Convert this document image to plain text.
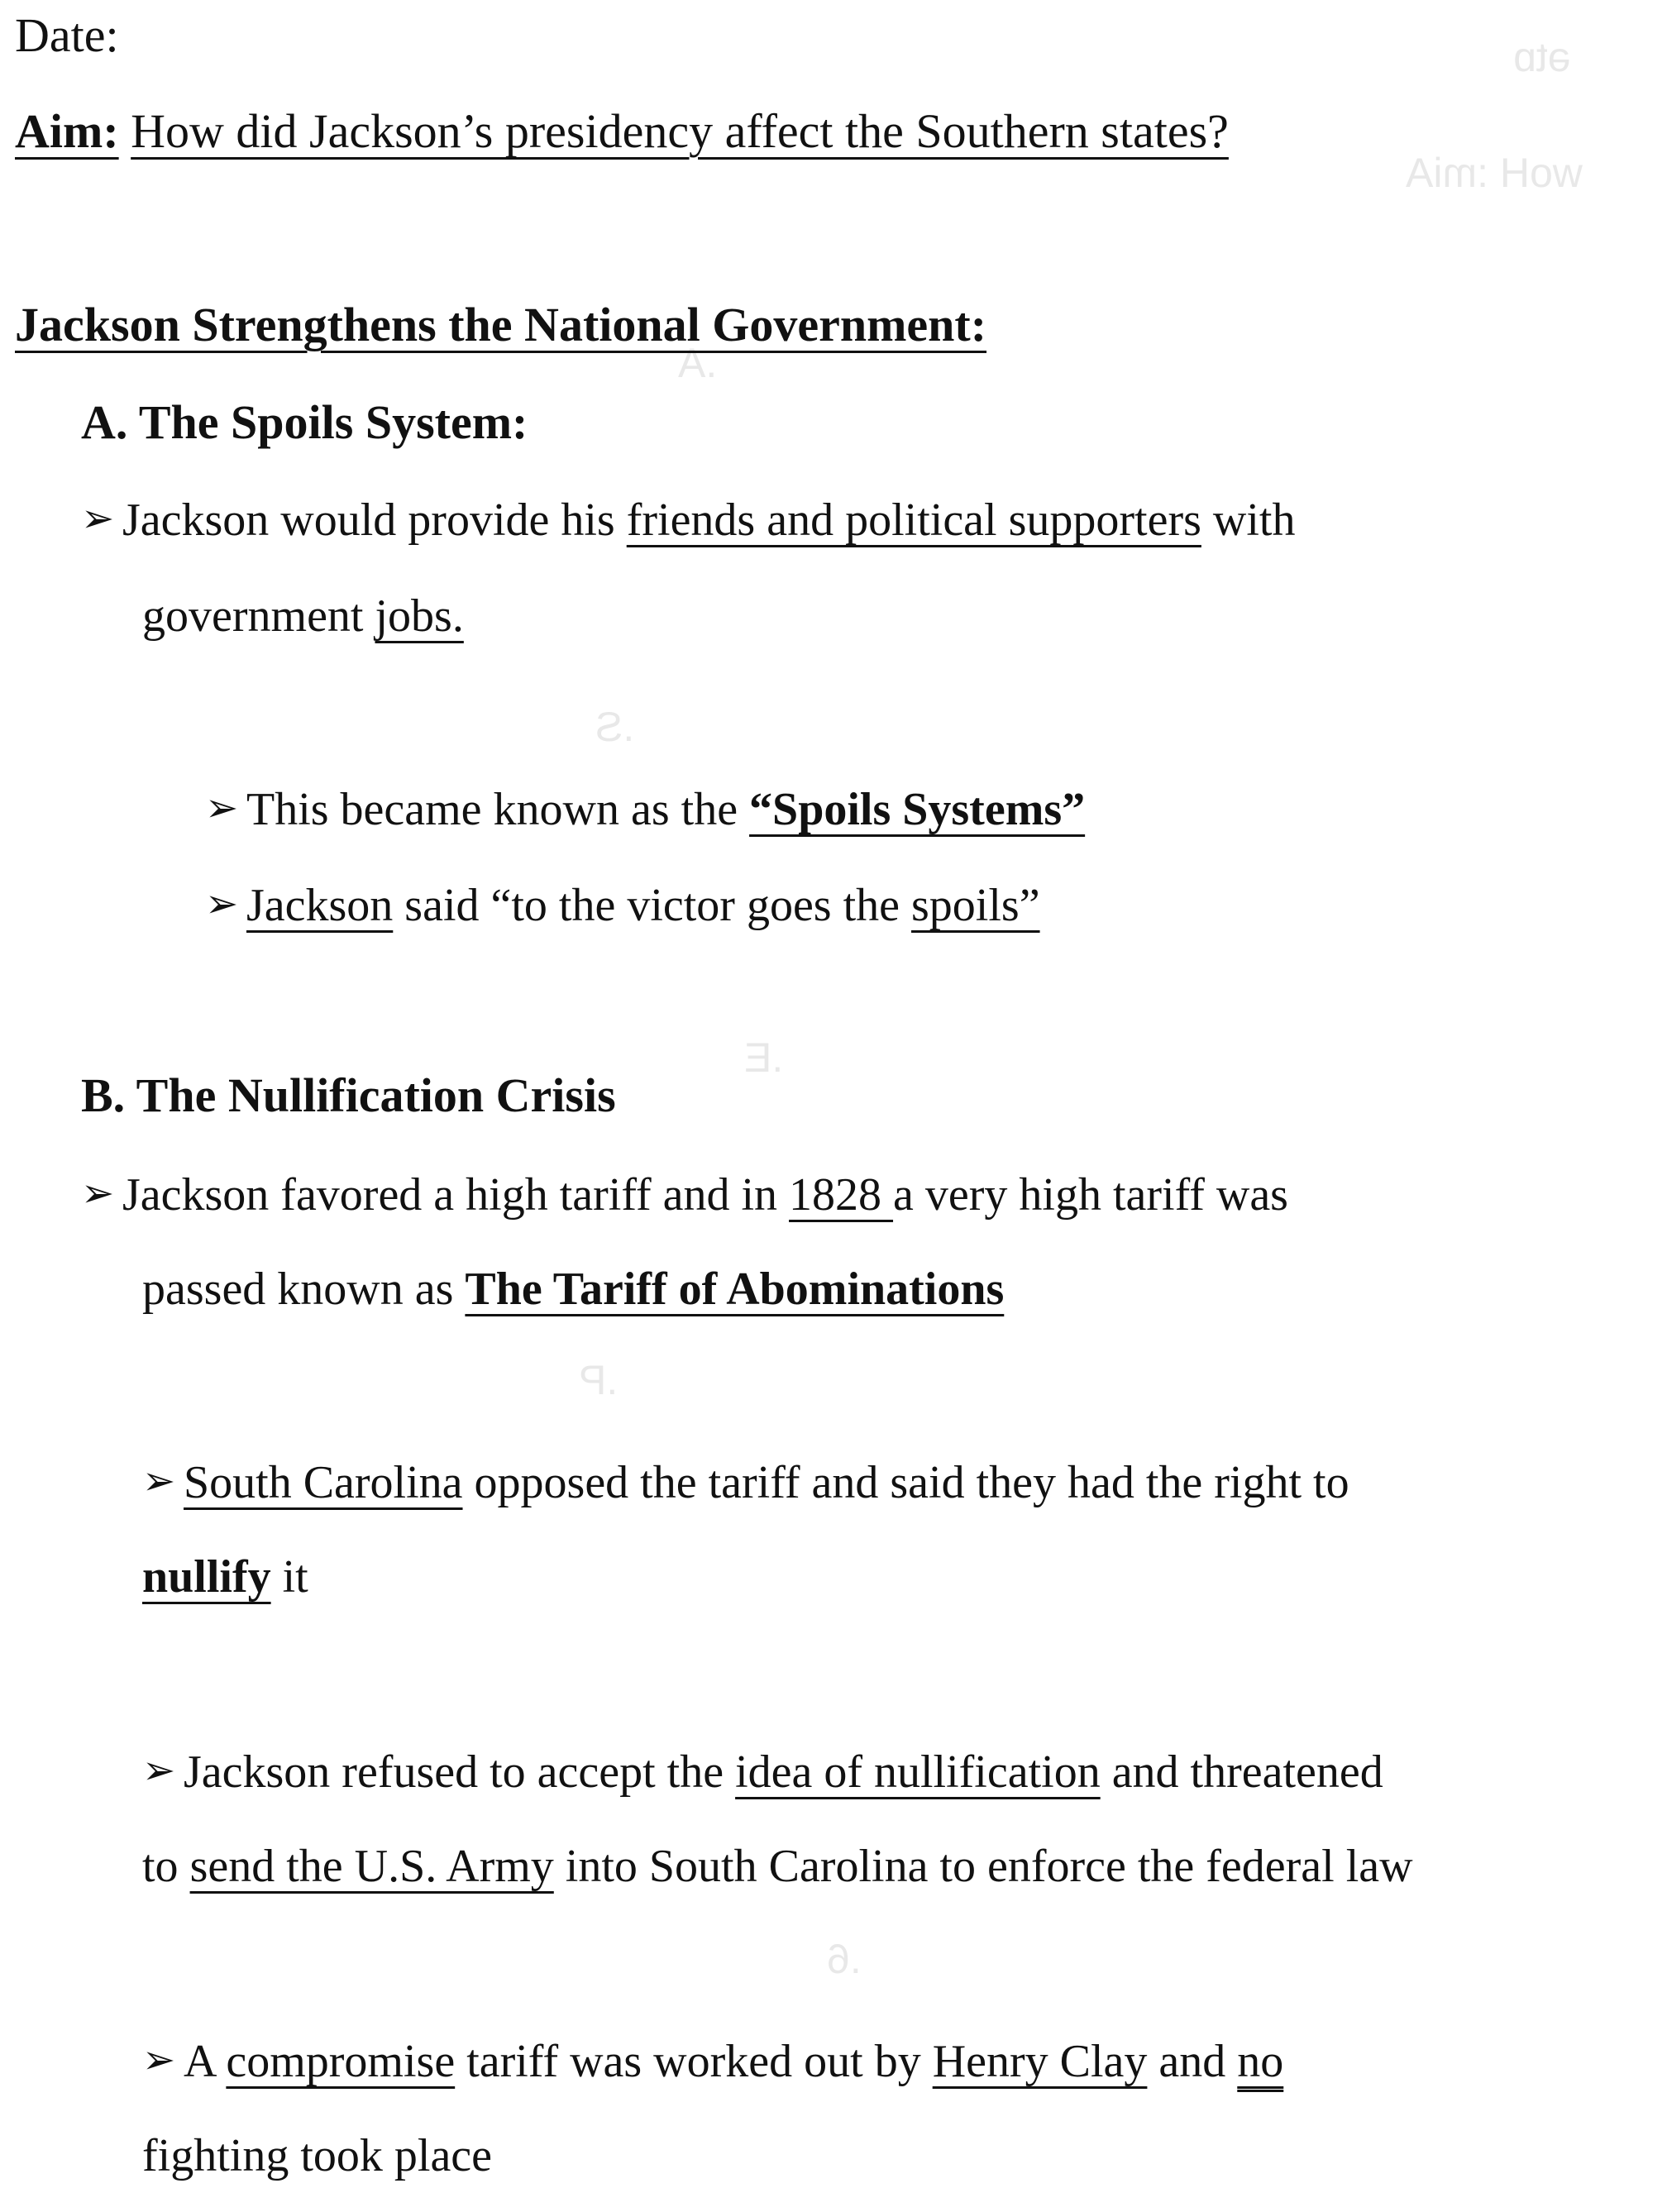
ətɒ
woH :miA
.A
.S
.E
.P
.6
Date:
Aim: How did Jackson’s presidency affect the Southern states?
Jackson Strengthens the National Government:
A. The Spoils System:
➢ Jackson would provide his friends and political supporters with
government jobs.
➢ This became known as the “Spoils Systems”
➢ Jackson said “to the victor goes the spoils”
B. The Nullification Crisis
➢ Jackson favored a high tariff and in 1828 a very high tariff was
passed known as The Tariff of Abominations
➢ South Carolina opposed the tariff and said they had the right to
nullify it
➢ Jackson refused to accept the idea of nullification and threatened
to send the U.S. Army into South Carolina to enforce the federal law
➢ A compromise tariff was worked out by Henry Clay and no
fighting took place
